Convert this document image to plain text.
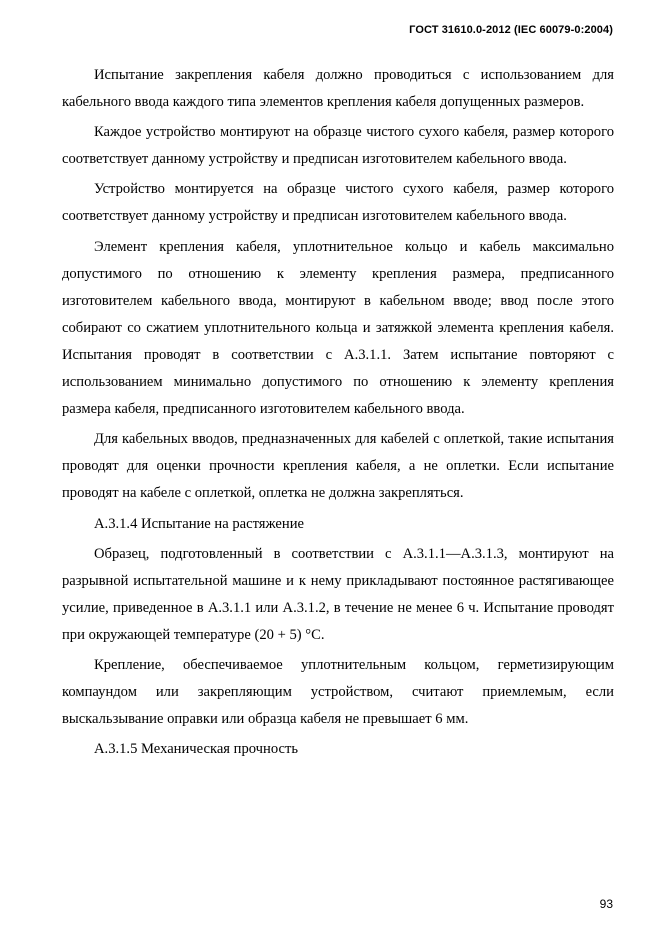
ГОСТ 31610.0-2012 (IEC 60079-0:2004)

Испытание закрепления кабеля должно проводиться с использованием для кабельного ввода каждого типа элементов крепления кабеля допущенных размеров.

Каждое устройство монтируют на образце чистого сухого кабеля, размер которого соответствует данному устройству и предписан изготовителем кабельного ввода.

Устройство монтируется на образце чистого сухого кабеля, размер которого соответствует данному устройству и предписан изготовителем кабельного ввода.

Элемент крепления кабеля, уплотнительное кольцо и кабель максимально допустимого по отношению к элементу крепления размера, предписанного изготовителем кабельного ввода, монтируют в кабельном вводе; ввод после этого собирают со сжатием уплотнительного кольца и затяжкой элемента крепления кабеля. Испытания проводят в соответствии с А.3.1.1. Затем испытание повторяют с использованием минимально допустимого по отношению к элементу крепления размера кабеля, предписанного изготовителем кабельного ввода.

Для кабельных вводов, предназначенных для кабелей с оплеткой, такие испытания проводят для оценки прочности крепления кабеля, а не оплетки. Если испытание проводят на кабеле с оплеткой, оплетка не должна закрепляться.

А.3.1.4 Испытание на растяжение

Образец, подготовленный в соответствии с А.3.1.1—А.3.1.3, монтируют на разрывной испытательной машине и к нему прикладывают постоянное растягивающее усилие, приведенное в А.3.1.1 или А.3.1.2, в течение не менее 6 ч. Испытание проводят при окружающей температуре (20 + 5) °С.

Крепление, обеспечиваемое уплотнительным кольцом, герметизирующим компаундом или закрепляющим устройством, считают приемлемым, если выскальзывание оправки или образца кабеля не превышает 6 мм.

А.3.1.5 Механическая прочность

93
